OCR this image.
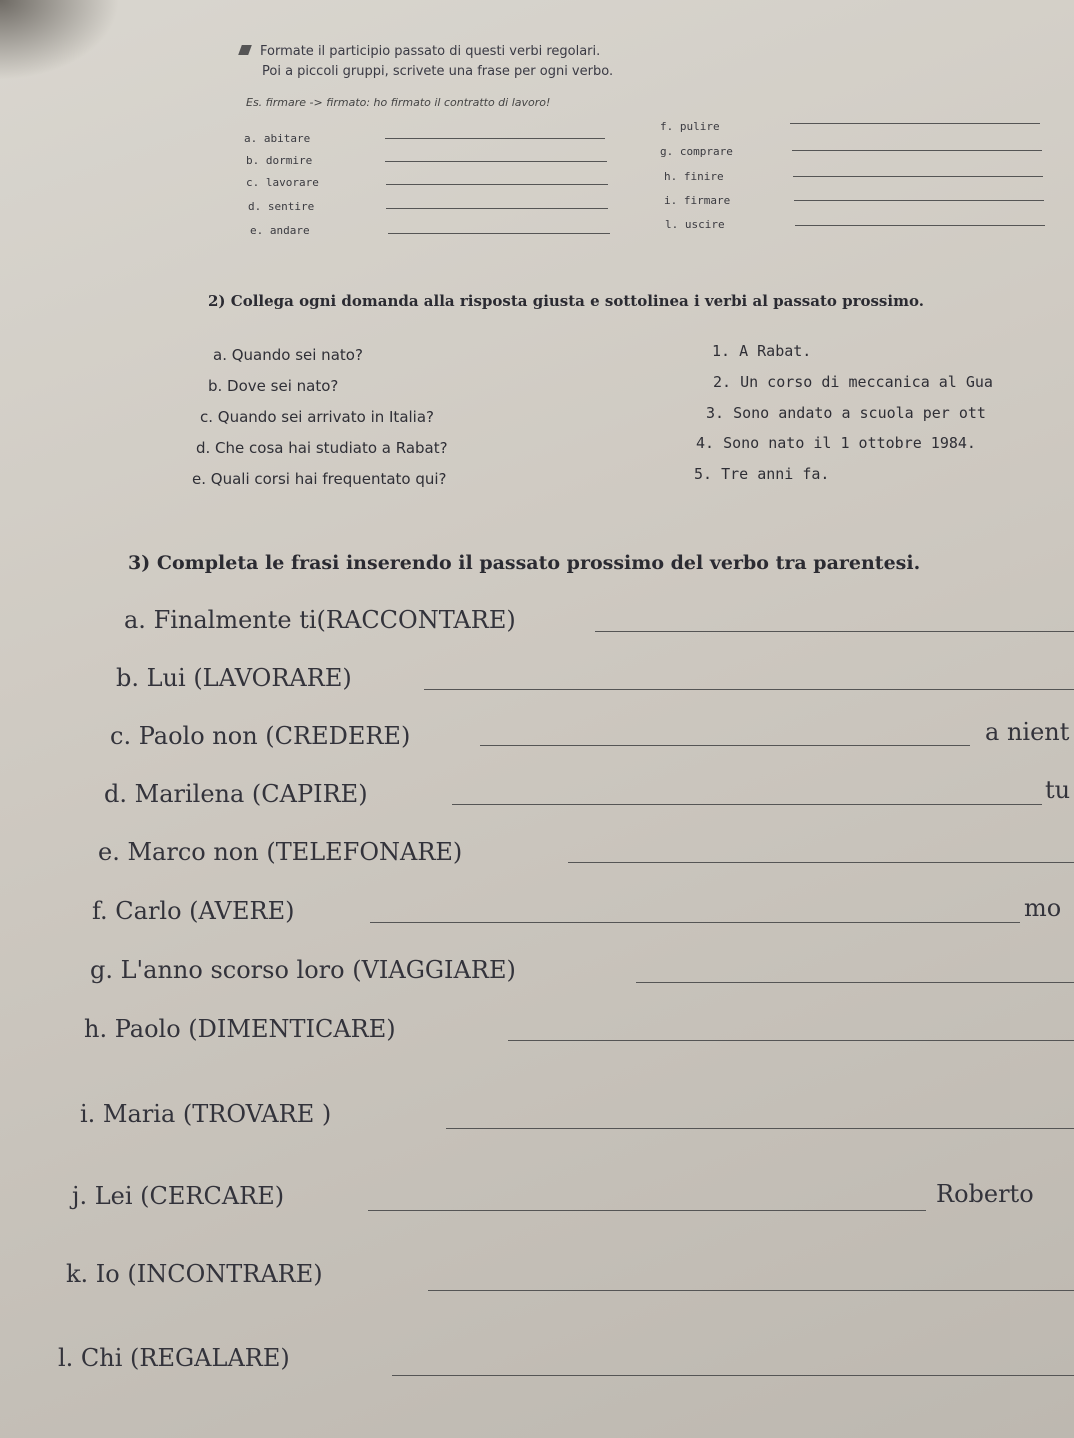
Formate il participio passato di questi verbi regolari.
Poi a piccoli gruppi, scrivete una frase per ogni verbo.
Es. firmare -> firmato: ho firmato il contratto di lavoro!
a. abitare
b. dormire
c. lavorare
d. sentire
e. andare
f. pulire
g. comprare
h. finire
i. firmare
l. uscire
2) Collega ogni domanda alla risposta giusta e sottolinea i verbi al passato prossimo.
a. Quando sei nato?
b. Dove sei nato?
c. Quando sei arrivato in Italia?
d. Che cosa hai studiato a Rabat?
e. Quali corsi hai frequentato qui?
1. A Rabat.
2. Un corso di meccanica al Gua
3. Sono andato a scuola per ott
4. Sono nato il 1 ottobre 1984.
5. Tre anni fa.
3) Completa le frasi inserendo il passato prossimo del verbo tra parentesi.
a. Finalmente ti(RACCONTARE)
b. Lui (LAVORARE)
c. Paolo non (CREDERE)	a nient
d. Marilena (CAPIRE)	tu
e. Marco non (TELEFONARE)
f. Carlo (AVERE)	mo
g. L'anno scorso loro (VIAGGIARE)
h. Paolo (DIMENTICARE)
i. Maria (TROVARE )
j. Lei (CERCARE)	Roberto
k. Io (INCONTRARE)
l. Chi (REGALARE)
